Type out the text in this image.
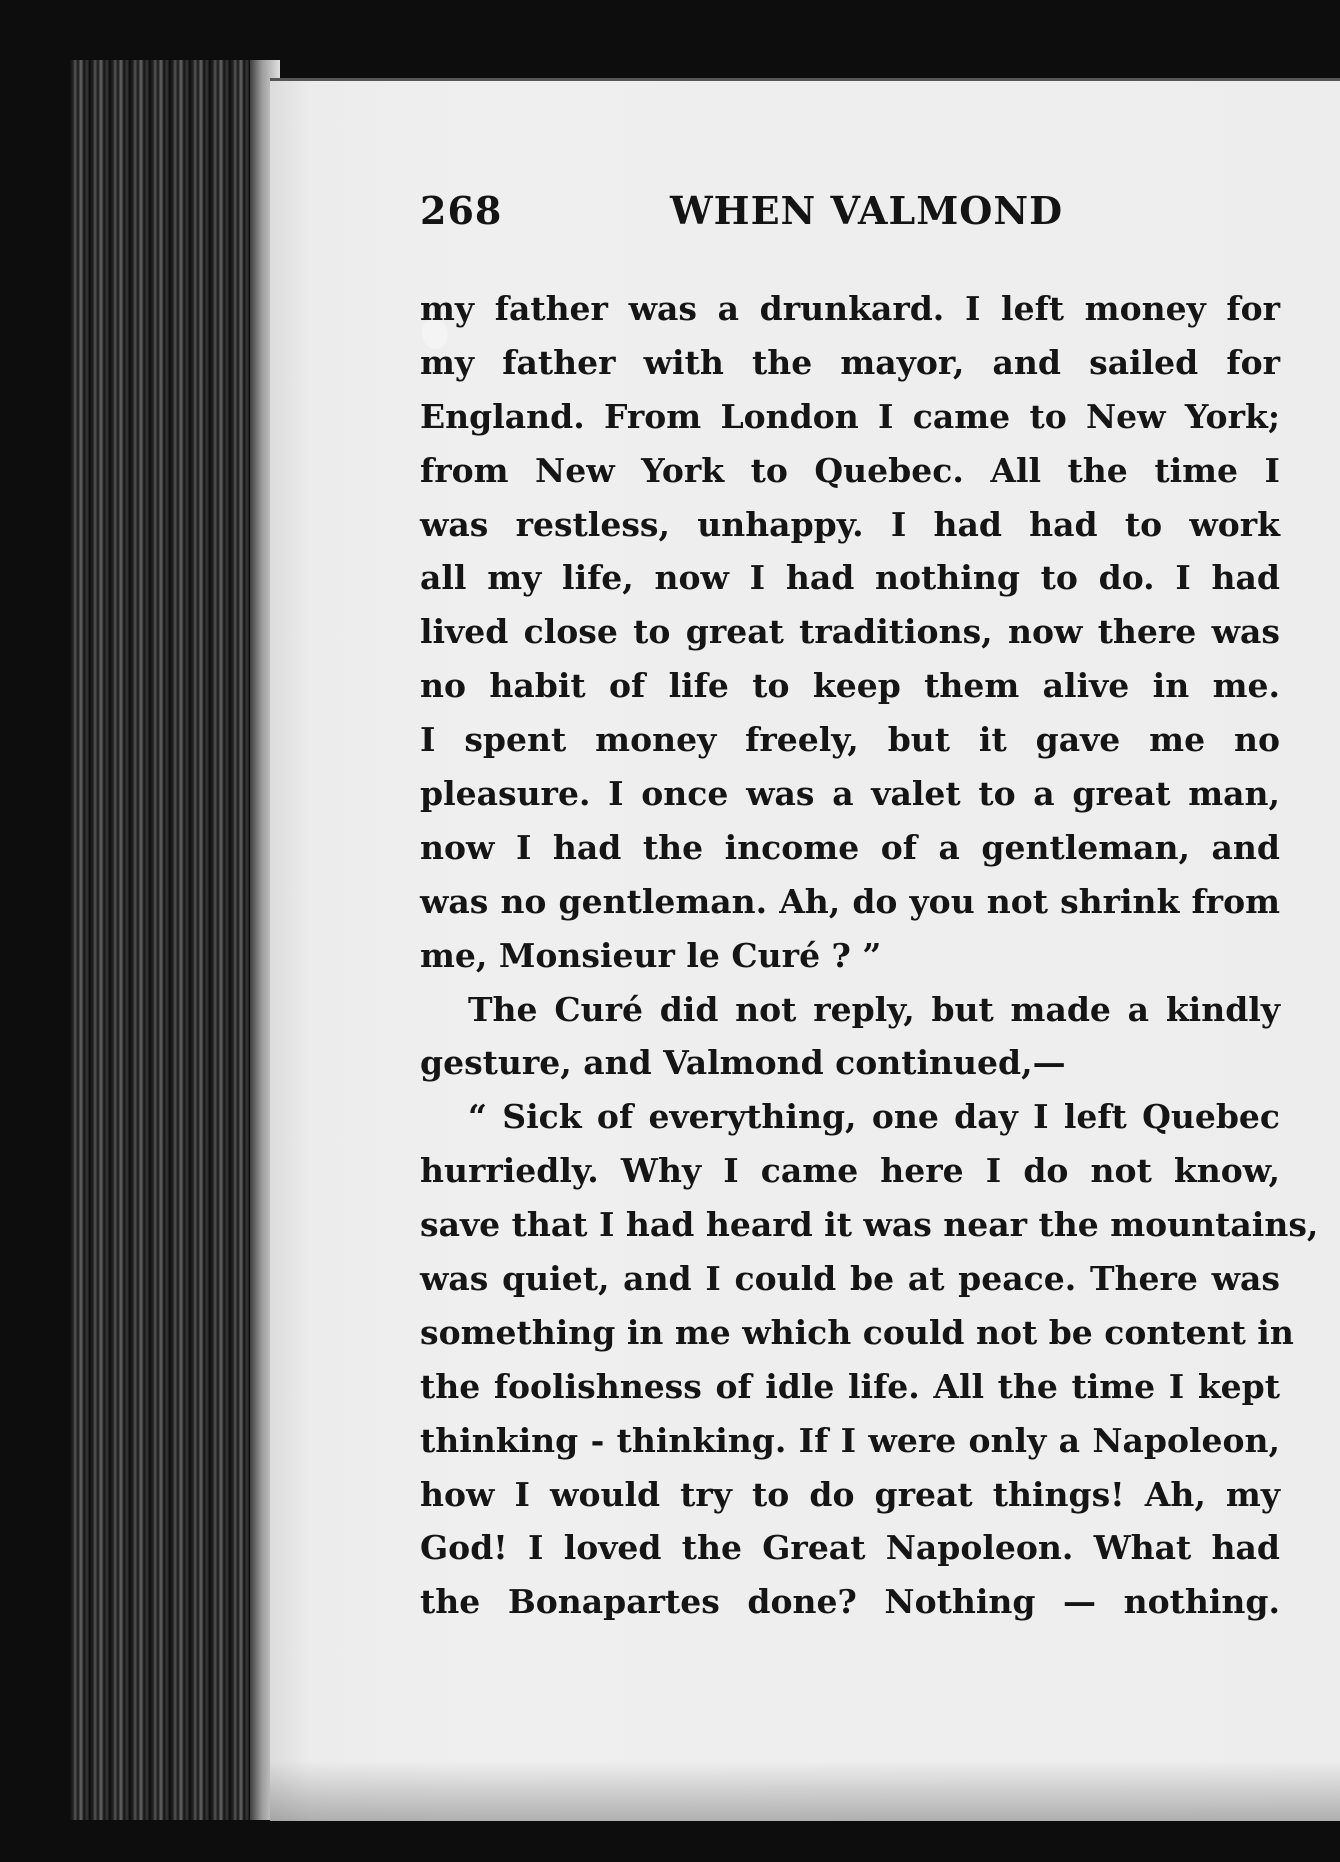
268	WHEN VALMOND
my father was a drunkard. I left money for
my father with the mayor, and sailed for
England. From London I came to New York;
from New York to Quebec. All the time I
was restless, unhappy. I had had to work
all my life, now I had nothing to do. I had
lived close to great traditions, now there was
no habit of life to keep them alive in me.
I spent money freely, but it gave me no
pleasure. I once was a valet to a great man,
now I had the income of a gentleman, and
was no gentleman. Ah, do you not shrink from
me, Monsieur le Curé ? ”
The Curé did not reply, but made a kindly
gesture, and Valmond continued,—
“ Sick of everything, one day I left Quebec
hurriedly. Why I came here I do not know,
save that I had heard it was near the mountains,
was quiet, and I could be at peace. There was
something in me which could not be content in
the foolishness of idle life. All the time I kept
thinking - thinking. If I were only a Napoleon,
how I would try to do great things! Ah, my
God! I loved the Great Napoleon. What had
the Bonapartes done? Nothing — nothing.
